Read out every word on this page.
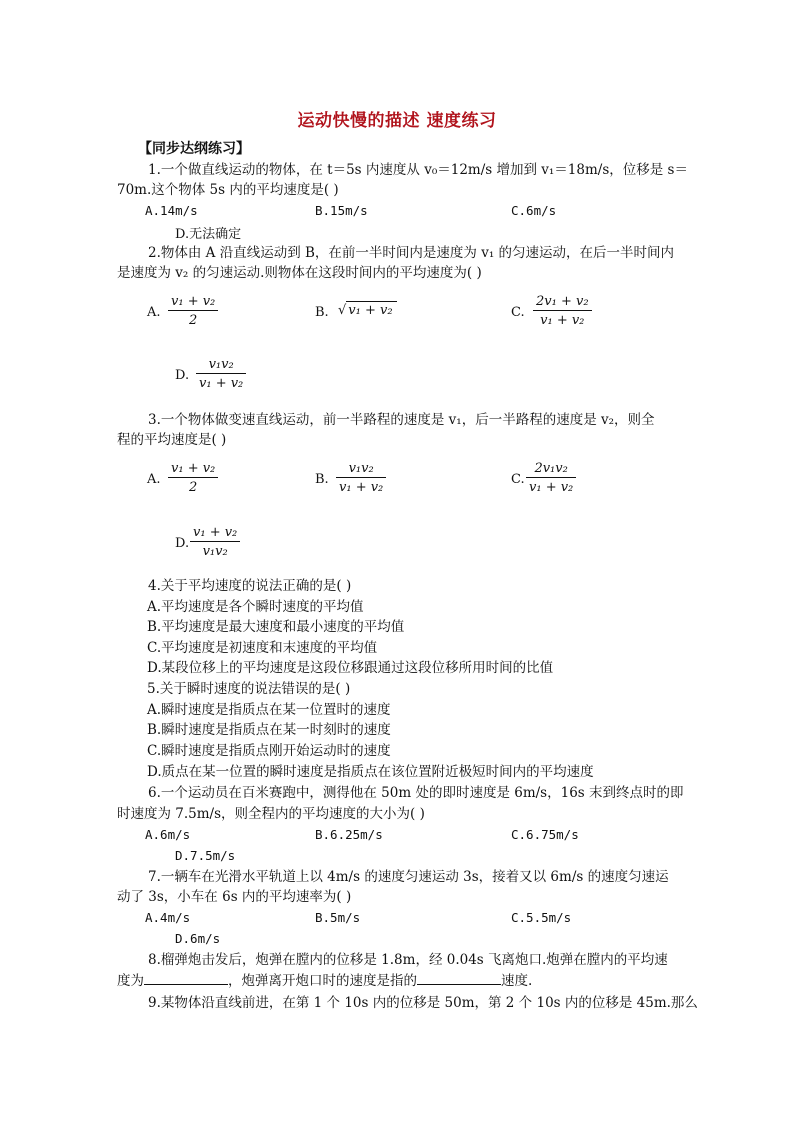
运动快慢的描述 速度练习
【同步达纲练习】
1.一个做直线运动的物体，在 t＝5s 内速度从 v₀＝12m/s 增加到 v₁＝18m/s，位移是 s＝
70m.这个物体 5s 内的平均速度是( )
A.14m/s	B.15m/s	C.6m/s
D.无法确定
2.物体由 A 沿直线运动到 B，在前一半时间内是速度为 v₁ 的匀速运动，在后一半时间内
是速度为 v₂ 的匀速运动.则物体在这段时间内的平均速度为( )
A.
v₁ + v₂
2
B. √ v₁ + v₂	C.
2v₁ + v₂
v₁ + v₂
D.
v₁v₂
v₁ + v₂
3.一个物体做变速直线运动，前一半路程的速度是 v₁，后一半路程的速度是 v₂，则全
程的平均速度是( )
A.
v₁ + v₂
2
B.
v₁v₂
v₁ + v₂
C.
2v₁v₂
v₁ + v₂
D.
v₁ + v₂
v₁v₂
4.关于平均速度的说法正确的是( )
A.平均速度是各个瞬时速度的平均值
B.平均速度是最大速度和最小速度的平均值
C.平均速度是初速度和末速度的平均值
D.某段位移上的平均速度是这段位移跟通过这段位移所用时间的比值
5.关于瞬时速度的说法错误的是( )
A.瞬时速度是指质点在某一位置时的速度
B.瞬时速度是指质点在某一时刻时的速度
C.瞬时速度是指质点刚开始运动时的速度
D.质点在某一位置的瞬时速度是指质点在该位置附近极短时间内的平均速度
6.一个运动员在百米赛跑中，测得他在 50m 处的即时速度是 6m/s，16s 末到终点时的即
时速度为 7.5m/s，则全程内的平均速度的大小为( )
A.6m/s	B.6.25m/s	C.6.75m/s
D.7.5m/s
7.一辆车在光滑水平轨道上以 4m/s 的速度匀速运动 3s，接着又以 6m/s 的速度匀速运
动了 3s，小车在 6s 内的平均速率为( )
A.4m/s	B.5m/s	C.5.5m/s
D.6m/s
8.榴弹炮击发后，炮弹在膛内的位移是 1.8m，经 0.04s 飞离炮口.炮弹在膛内的平均速
度为	，炮弹离开炮口时的速度是指的	速度.
9.某物体沿直线前进，在第 1 个 10s 内的位移是 50m，第 2 个 10s 内的位移是 45m.那么
